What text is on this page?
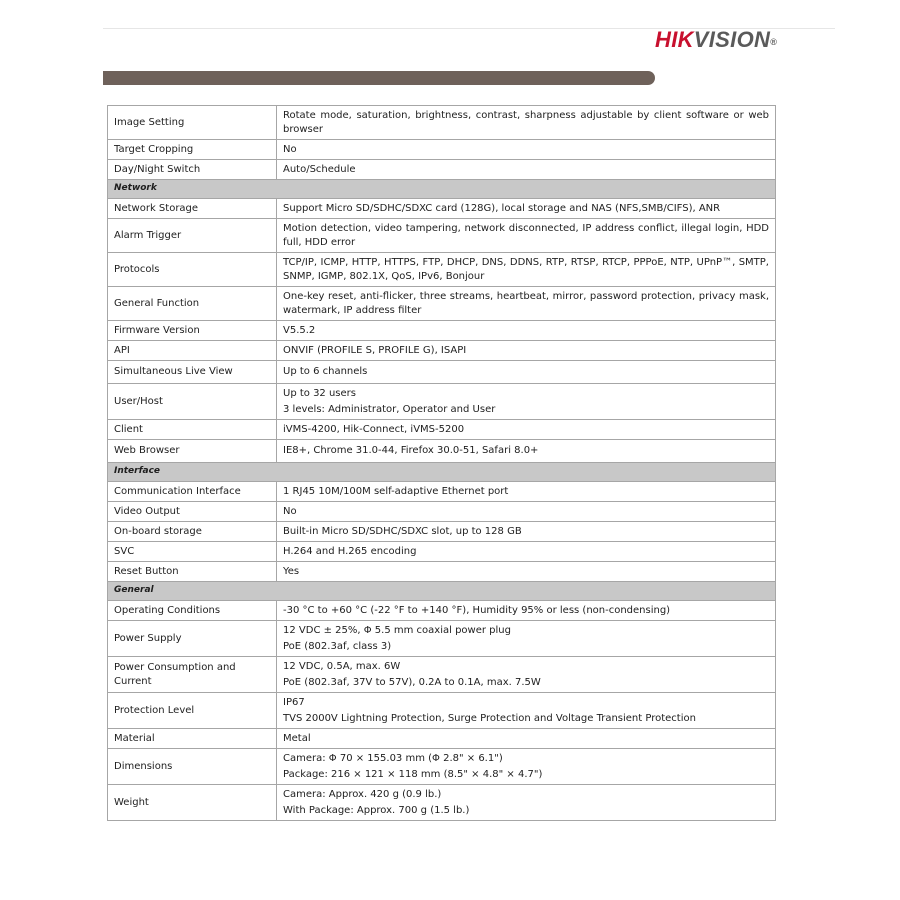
HIKVISION®
Image Setting	Rotate mode, saturation, brightness, contrast, sharpness adjustable by client software or web browser

Target Cropping	No

Day/Night Switch	Auto/Schedule

Network	
Network Storage	Support Micro SD/SDHC/SDXC card (128G), local storage and NAS (NFS,SMB/CIFS), ANR

Alarm Trigger	Motion detection, video tampering, network disconnected, IP address conflict, illegal login, HDD full, HDD error

Protocols	TCP/IP, ICMP, HTTP, HTTPS, FTP, DHCP, DNS, DDNS, RTP, RTSP, RTCP, PPPoE, NTP, UPnP™, SMTP, SNMP, IGMP, 802.1X, QoS, IPv6, Bonjour

General Function	One-key reset, anti-flicker, three streams, heartbeat, mirror, password protection, privacy mask, watermark, IP address filter

Firmware Version	V5.5.2

API	ONVIF (PROFILE S, PROFILE G), ISAPI

Simultaneous Live View	Up to 6 channels

User/Host	Up to 32 users
3 levels: Administrator, Operator and User

Client	iVMS-4200, Hik-Connect, iVMS-5200

Web Browser	IE8+, Chrome 31.0-44, Firefox 30.0-51, Safari 8.0+

Interface	
Communication Interface	1 RJ45 10M/100M self-adaptive Ethernet port

Video Output	No

On-board storage	Built-in Micro SD/SDHC/SDXC slot, up to 128 GB

SVC	H.264 and H.265 encoding

Reset Button	Yes

General	
Operating Conditions	-30 °C to +60 °C (-22 °F to +140 °F), Humidity 95% or less (non-condensing)

Power Supply	12 VDC ± 25%, Φ 5.5 mm coaxial power plug
PoE (802.3af, class 3)

Power Consumption and Current	12 VDC, 0.5A, max. 6W
PoE (802.3af, 37V to 57V), 0.2A to 0.1A, max. 7.5W

Protection Level	IP67
TVS 2000V Lightning Protection, Surge Protection and Voltage Transient Protection

Material	Metal

Dimensions	Camera: Φ 70 × 155.03 mm (Φ 2.8" × 6.1")
Package: 216 × 121 × 118 mm (8.5" × 4.8" × 4.7")

Weight	Camera: Approx. 420 g (0.9 lb.)
With Package: Approx. 700 g (1.5 lb.)
